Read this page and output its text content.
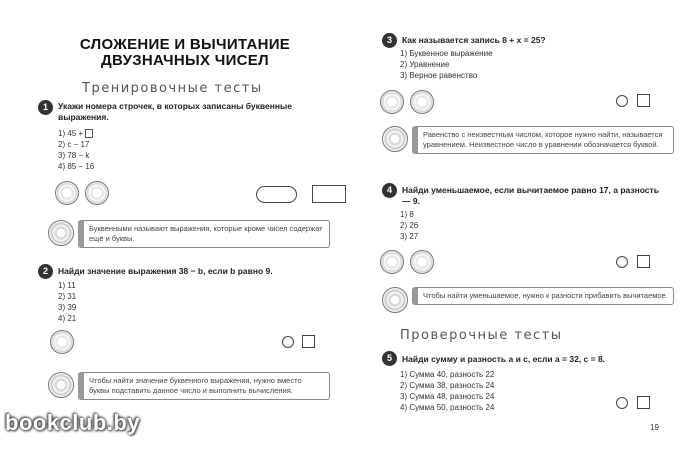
СЛОЖЕНИЕ И ВЫЧИТАНИЕ
ДВУЗНАЧНЫХ ЧИСЕЛ
Тренировочные тесты
1	Укажи номера строчек, в которых записаны буквенные выражения.
1) 45 +
2) c − 17
3) 78 − k
4) 85 − 16
Буквенными называют выражения, которые кроме чисел содержат ещё и буквы.
2	Найди значение выражения 38 − b, если b равно 9.
1) 11
2) 31
3) 39
4) 21
Чтобы найти значение буквенного выражения, нужно вместо буквы подставить данное число и выполнить вычисления.
3	Как называется запись 8 + x = 25?
1) Буквенное выражение
2) Уравнение
3) Верное равенство
Равенство с неизвестным числом, которое нужно найти, называется уравнением. Неизвестное число в уравнении обозначается буквой.
4	Найди уменьшаемое, если вычитаемое равно 17, а разность — 9.
1) 8
2) 26
3) 27
Чтобы найти уменьшаемое, нужно к разности прибавить вычитаемое.
Проверочные тесты
5	Найди сумму и разность a и c, если a = 32, c = 8.
1) Сумма 40, разность 22
2) Сумма 38, разность 24
3) Сумма 48, разность 24
4) Сумма 50, разность 24
19
bookclub.by
